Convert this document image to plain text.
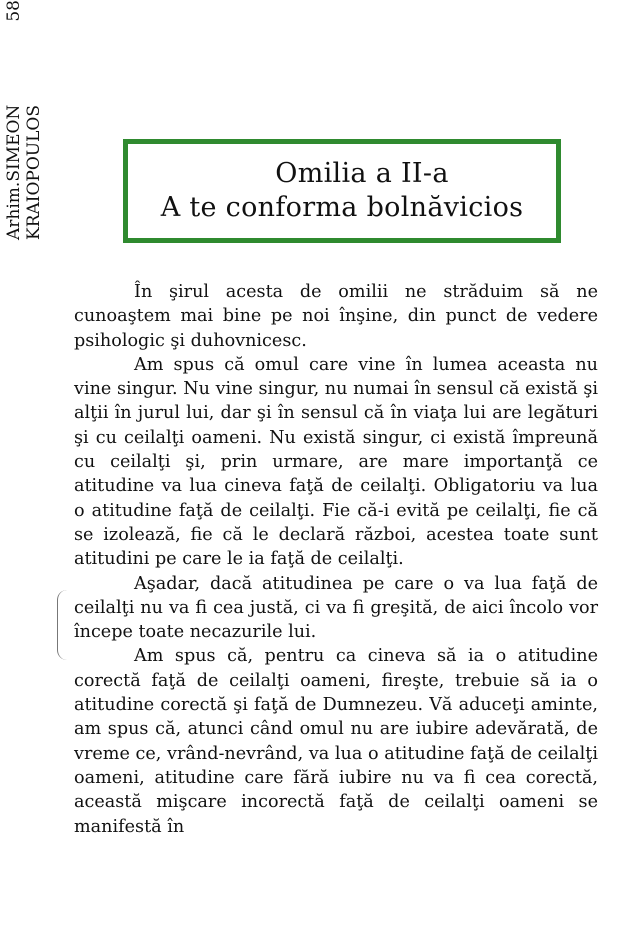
Arhim.SIMEON
58
KRAIOPOULOS	Omilia a II-a
A te conforma bolnăvicios

În şirul acesta de omilii ne străduim să ne cunoaştem mai bine pe noi înşine, din punct de vedere psihologic şi duhovnicesc.

Am spus că omul care vine în lumea aceasta nu vine singur. Nu vine singur, nu numai în sensul că există şi alţii în jurul lui, dar şi în sensul că în viaţa lui are legături şi cu ceilalţi oameni. Nu există singur, ci există împreună cu ceilalţi şi, prin urmare, are mare importanţă ce atitudine va lua cineva faţă de ceilalţi. Obligatoriu va lua o atitudine faţă de ceilalţi. Fie că-i evită pe ceilalţi, fie că se izolează, fie că le declară război, acestea toate sunt atitudini pe care le ia faţă de ceilalţi.

Aşadar, dacă atitudinea pe care o va lua faţă de ceilalţi nu va fi cea justă, ci va fi greşită, de aici încolo vor începe toate necazurile lui.

Am spus că, pentru ca cineva să ia o atitudine corectă faţă de ceilalţi oameni, fireşte, trebuie să ia o atitudine corectă şi faţă de Dumnezeu. Vă aduceţi aminte, am spus că, atunci când omul nu are iubire adevărată, de vreme ce, vrând-nevrând, va lua o atitudine faţă de ceilalţi oameni, atitudine care fără iubire nu va fi cea corectă, această mişcare incorectă faţă de ceilalţi oameni se manifestă în
